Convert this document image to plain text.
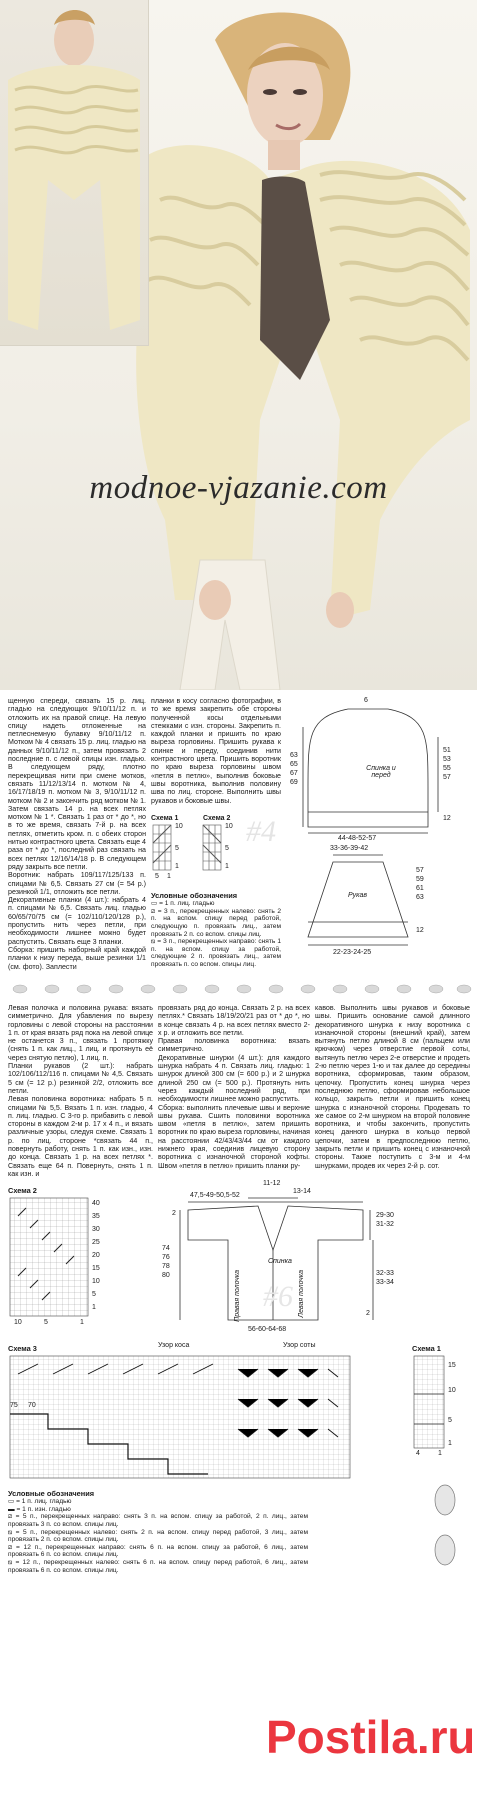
modnoe-vjazanie.com

щенную спереди, связать 15 р. лиц. гладью на следующих 9/10/11/12 п. и отложить их на правой спице. На левую спицу надеть отложенные на петлеснемную булавку 9/10/11/12 п. Мотком № 4 связать 15 р. лиц. гладью на данных 9/10/11/12 п., затем провязать 2 последние п. с левой спицы изн. гладью. В следующем ряду, плотно перекрещивая нити при смене мотков, связать 11/12/13/14 п. мотком № 4, 16/17/18/19 п. мотком № 3, 9/10/11/12 п. мотком № 2 и закончить ряд мотком № 1. Затем связать 14 р. на всех петлях мотком № 1 *. Связать 1 раз от * до *, но в то же время, связать 7-й р. на всех петлях, отметить кром. п. с обеих сторон нитью контрастного цвета. Связать еще 4 раза от * до *, последний раз связать на всех петлях 12/16/14/18 р. В следующем ряду закрыть все петли.

Воротник: набрать 109/117/125/133 п. спицами № 6,5. Связать 27 см (= 54 р.) резинкой 1/1, отложить все петли.

Декоративные планки (4 шт.): набрать 4 п. спицами № 6,5. Связать лиц. гладью 60/65/70/75 см (= 102/110/120/128 р.), пропустить нить через петли, при необходимости лишнее можно будет распустить. Связать еще 3 планки.

Сборка: пришить наборный край каждой планки к низу переда, выше резинки 1/1 (см. фото). Заплести

планки в косу согласно фотографии, в то же время закрепить обе стороны полученной косы отдельными стежками с изн. стороны. Закрепить п. каждой планки и пришить по краю выреза горловины. Пришить рукава к спинке и переду, соединив нити контрастного цвета. Пришить воротник по краю выреза горловины швом «петля в петлю», выполнив боковые швы воротника, выполнив половину шва по лиц. стороне. Выполнить швы рукавов и боковые швы.
Схема 1	Схема 2
10
5
1
5 1
10
5
1
#4
Условные обозначения
▭ = 1 п. лиц. гладью
⧄ = 3 п., перекрещенных налево: снять 2 п. на вспом. спицу перед работой, следующую п. провязать лиц., затем провязать 2 п. со вспом. спицы лиц.
⧅ = 3 п., перекрещенных направо: снять 1 п. на вспом. спицу за работой, следующие 2 п. провязать лиц., затем провязать п. со вспом. спицы лиц.
6
51
53
55
57
63
65
67
69
Спинка и перед
12
44-48-52-57
33-36-39-42
Рукав
57
59
61
63
12
22-23-24-25

Левая полочка и половина рукава: вязать симметрично. Для убавления по вырезу горловины с левой стороны на расстоянии 1 п. от края вязать ряд пока на левой спице не останется 3 п., связать 1 протяжку (снять 1 п. как лиц., 1 лиц. и протянуть её через снятую петлю), 1 лиц. п.

Планки рукавов (2 шт.): набрать 102/106/112/116 п. спицами № 4,5. Связать 5 см (= 12 р.) резинкой 2/2, отложить все петли.

Левая половинка воротника: набрать 5 п. спицами № 5,5. Вязать 1 п. изн. гладью, 4 п. лиц. гладью. С 3-го р. прибавить с левой стороны в каждом 2-м р. 17 х 4 п., и вязать различные узоры, следуя схеме. Связать 1 р. по лиц. стороне *связать 44 п., повернуть работу, снять 1 п. как изн., изн. до конца. Связать 1 р. на всех петлях *. Связать еще 64 п. Повернуть, снять 1 п. как изн. и

провязать ряд до конца. Связать 2 р. на всех петлях.* Связать 18/19/20/21 раз от * до *, но в конце связать 4 р. на всех петлях вместо 2-х р. и отложить все петли.

Правая половинка воротника: вязать симметрично.

Декоративные шнурки (4 шт.): для каждого шнурка набрать 4 п. Связать лиц. гладью: 1 шнурок длиной 300 см (= 600 р.) и 2 шнурка длиной 250 см (= 500 р.). Протянуть нить через каждый последний ряд, при необходимости лишнее можно распустить.

Сборка: выполнить плечевые швы и верхние швы рукава. Сшить половинки воротника швом «петля в петлю», затем пришить воротник по краю выреза горловины, начиная на расстоянии 42/43/43/44 см от каждого нижнего края, соединив лицевую сторону воротника с изнаночной стороной кофты. Швом «петля в петлю» пришить планки ру-

кавов. Выполнить швы рукавов и боковые швы. Пришить основание самой длинного декоративного шнурка к низу воротника с изнаночной стороны (внешний край), затем вытянуть петлю длиной 8 см (пальцем или крючком) через отверстие первой соты, вытянуть петлю через 2-е отверстие и продеть 2-ю петлю через 1-ю и так далее до середины воротника, сформировав, таким образом, цепочку. Пропустить конец шнурка через последнюю петлю, сформировав небольшое кольцо, закрыть петли и пришить конец шнурка с изнаночной стороны. Продевать то же самое со 2-м шнурком на второй половине воротника, и чтобы закончить, пропустить конец данного шнурка в кольцо первой цепочки, затем в предпоследнюю петлю, закрыть петли и пришить конец с изнаночной стороны. Также поступить с 3-м и 4-м шнурками, продев их через 2-й р. сот.
Схема 2
40
35
30
25
20
15
10
5
1
10	5	1
11-12
13-14
47,5-49-50,5-52
29-30
31-32
32-33
33-34
74
76
78
80
2
Спинка
Правая полочка	Левая полочка	2
56-60-64-68
#6
Схема 3	Узор коса	Узор соты
75 70
Схема 1
15
10
5
1
4	1
Условные обозначения
▭ = 1 п. лиц. гладью
▬ = 1 п. изн. гладью
⧄ = 5 п., перекрещенных направо: снять 3 п. на вспом. спицу за работой, 2 п. лиц., затем провязать 3 п. со вспом. спицы лиц.
⧅ = 5 п., перекрещенных налево: снять 2 п. на вспом. спицу перед работой, 3 лиц., затем провязать 2 п. со вспом. спицы лиц.
⧄ = 12 п., перекрещенных направо: снять 6 п. на вспом. спицу за работой, 6 лиц., затем провязать 6 п. со вспом. спицы лиц.
⧅ = 12 п., перекрещенных налево: снять 6 п. на вспом. спицу перед работой, 6 лиц., затем провязать 6 п. со вспом. спицы лиц.
Postila.ru
